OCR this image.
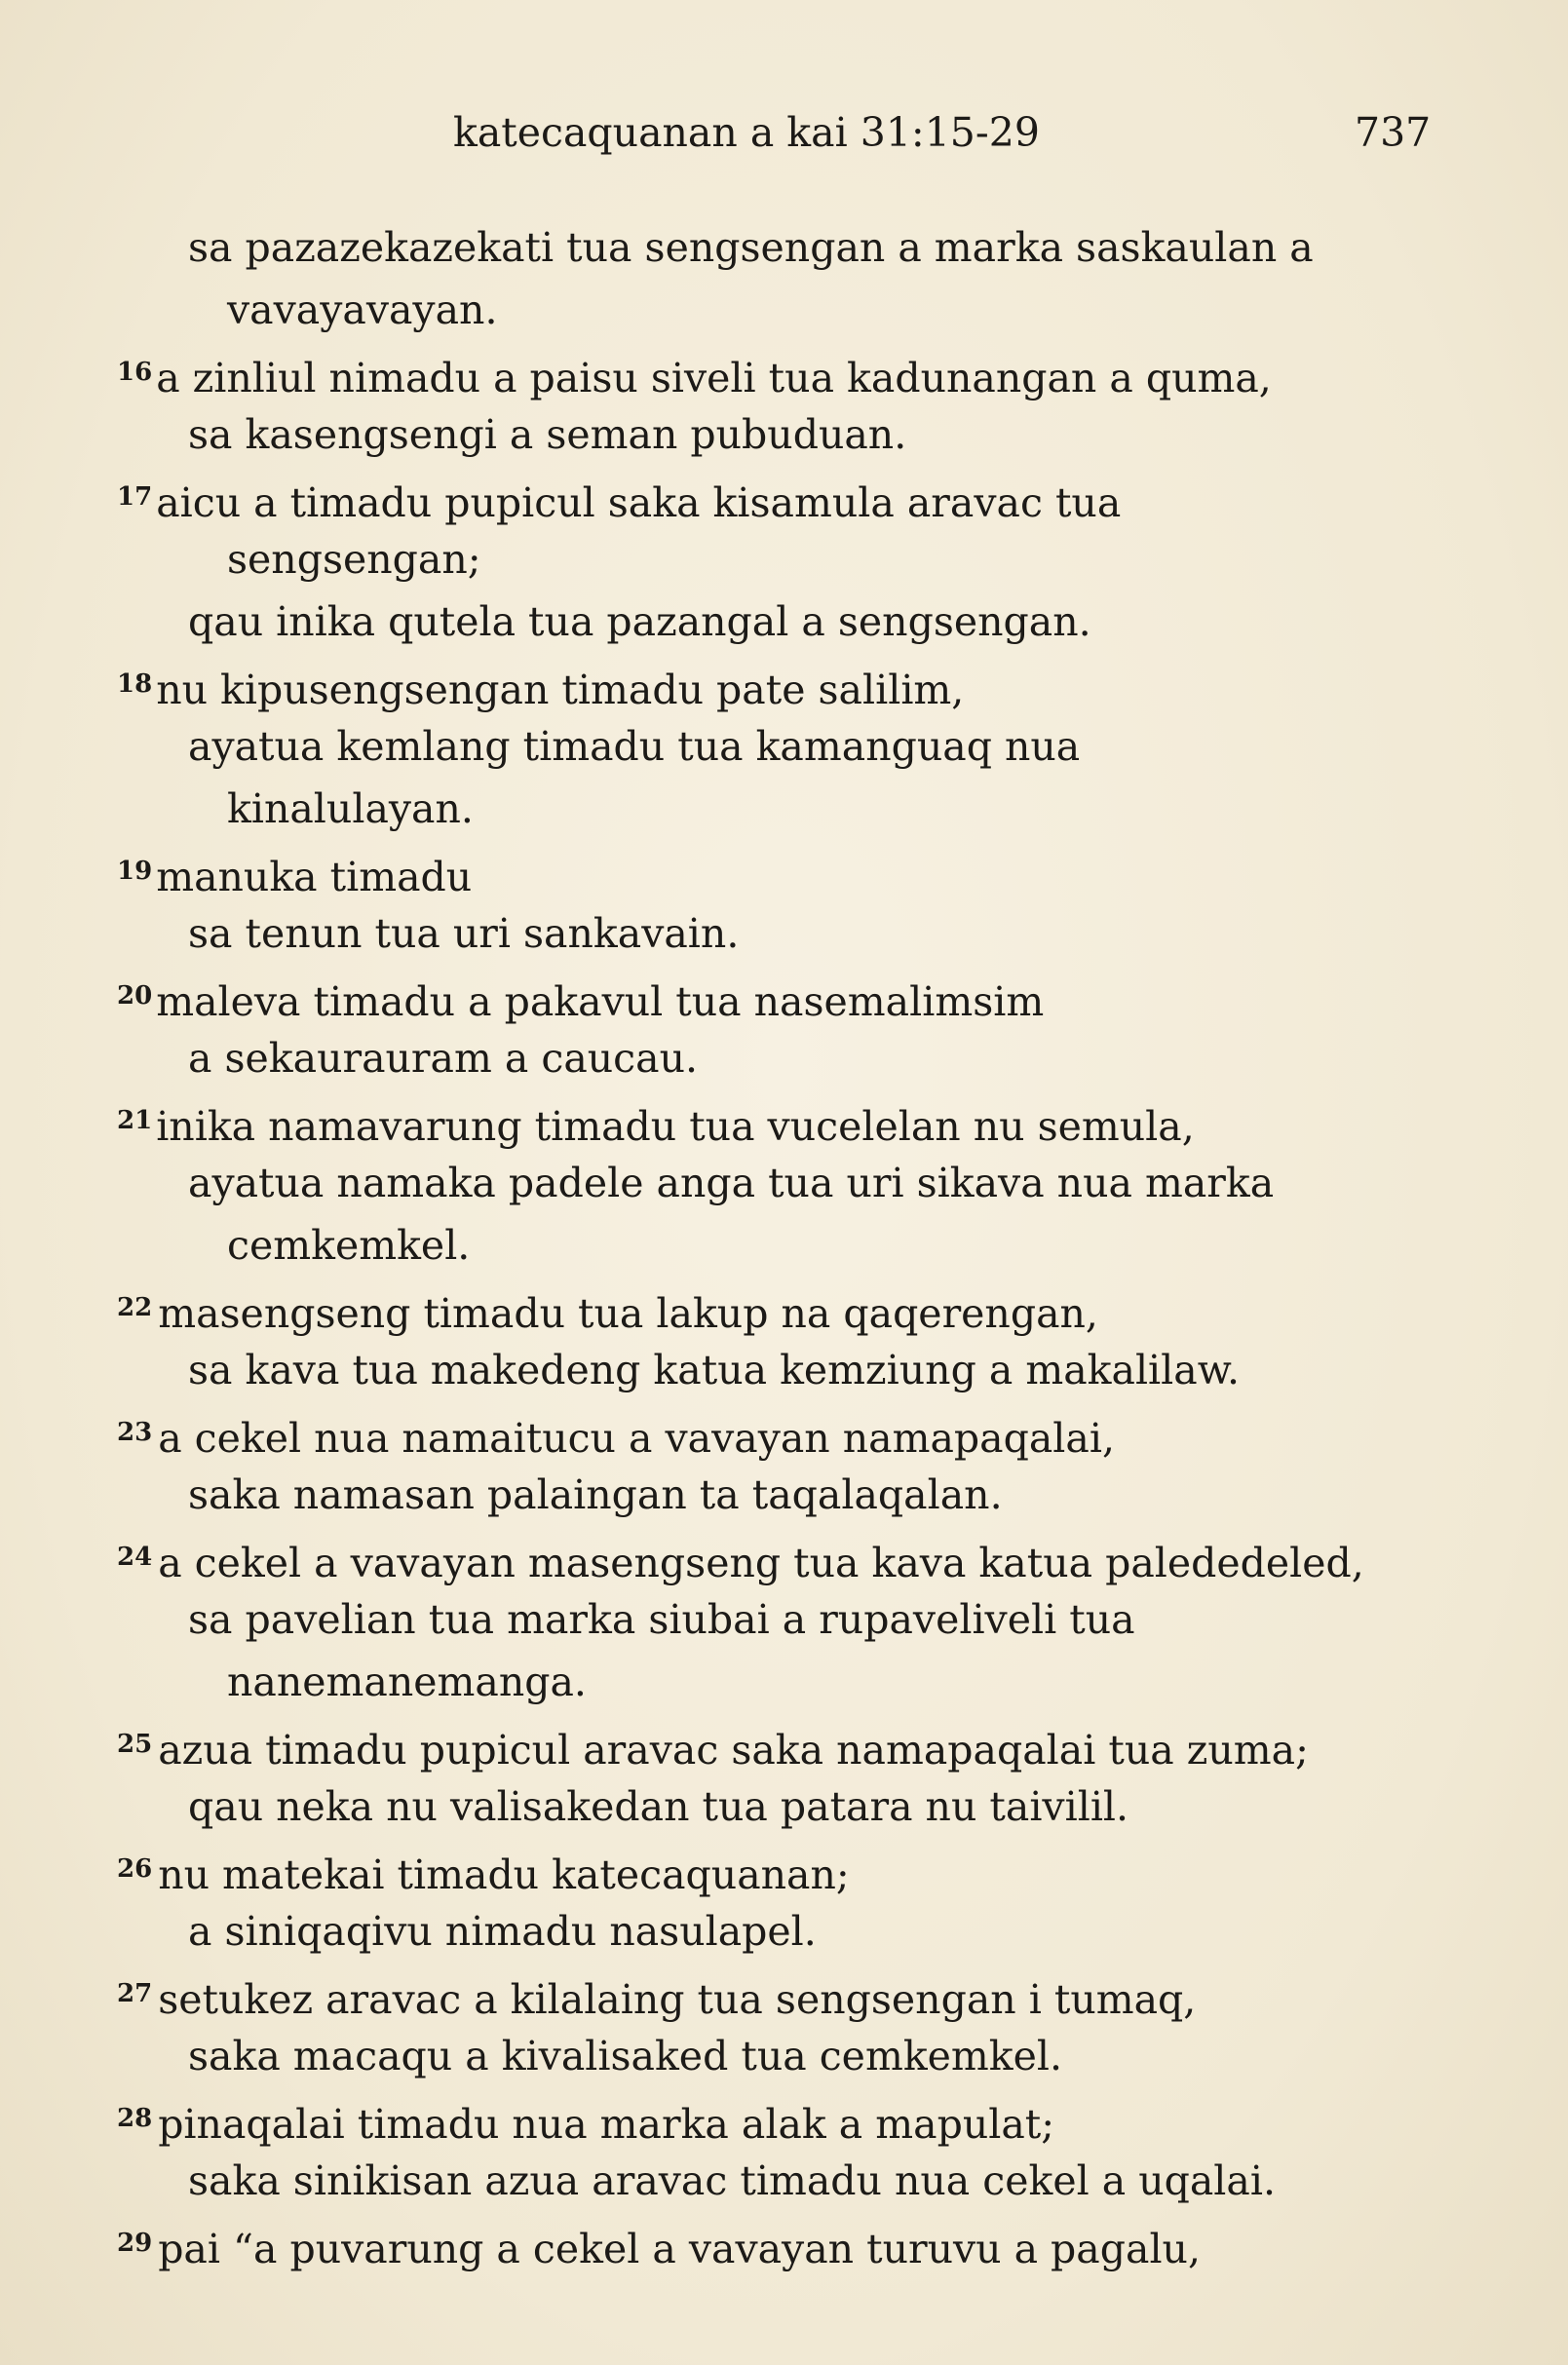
katecaquanan a kai 31:15-29	737
sa pazazekazekati tua sengsengan a marka saskaulan a
vavayavayan.
$^{16}$a zinliul nimadu a paisu siveli tua kadunangan a quma,
sa kasengsengi a seman pubuduan.
$^{17}$aicu a timadu pupicul saka kisamula aravac tua
sengsengan;
qau inika qutela tua pazangal a sengsengan.
$^{18}$nu kipusengsengan timadu pate salilim,
ayatua kemlang timadu tua kamanguaq nua
kinalulayan.
$^{19}$manuka timadu
sa tenun tua uri sankavain.
$^{20}$maleva timadu a pakavul tua nasemalimsim
a sekaurauram a caucau.
$^{21}$inika namavarung timadu tua vucelelan nu semula,
ayatua namaka padele anga tua uri sikava nua marka
cemkemkel.
$^{22}$ masengseng timadu tua lakup na qaqerengan,
sa kava tua makedeng katua kemziung a makalilaw.
$^{23}$ a cekel nua namaitucu a vavayan namapaqalai,
saka namasan palaingan ta taqalaqalan.
$^{24}$ a cekel a vavayan masengseng tua kava katua palededeled,
sa pavelian tua marka siubai a rupaveliveli tua
nanemanemanga.
$^{25}$ azua timadu pupicul aravac saka namapaqalai tua zuma;
qau neka nu valisakedan tua patara nu taivilil.
$^{26}$ nu matekai timadu katecaquanan;
a siniqaqivu nimadu nasulapel.
$^{27}$ setukez aravac a kilalaing tua sengsengan i tumaq,
saka macaqu a kivalisaked tua cemkemkel.
$^{28}$ pinaqalai timadu nua marka alak a mapulat;
saka sinikisan azua aravac timadu nua cekel a uqalai.
$^{29}$ pai “a puvarung a cekel a vavayan turuvu a pagalu,
